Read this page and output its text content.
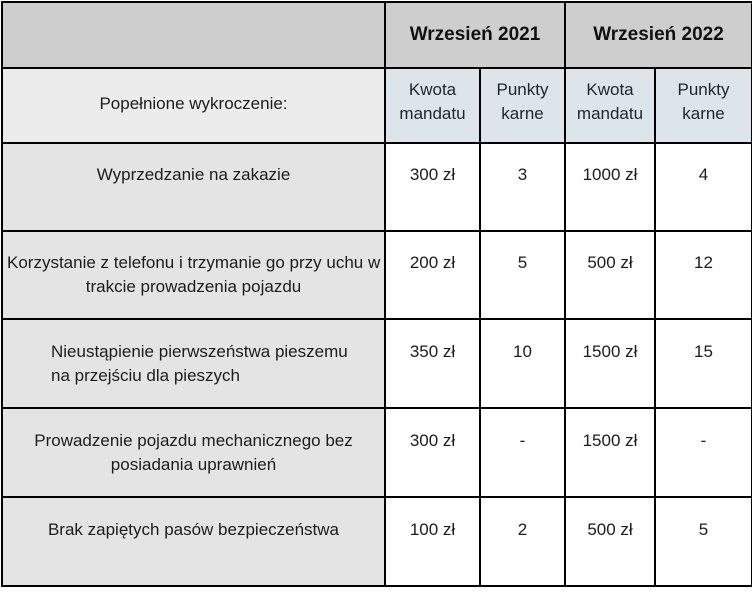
	Wrzesień 2021		Wrzesień 2022	
Popełnione wykroczenie:	Kwota mandatu	Punkty karne	Kwota mandatu	Punkty karne

Wyprzedzanie na zakazie	300 zł	3	1000 zł	4

Korzystanie z telefonu i trzymanie go przy uchu w
trakcie prowadzenia pojazdu	200 zł	5	500 zł	12

Nieustąpienie pierwszeństwa pieszemu
na przejściu dla pieszych	350 zł	10	1500 zł	15

Prowadzenie pojazdu mechanicznego bez
posiadania uprawnień	300 zł	-	1500 zł	-

Brak zapiętych pasów bezpieczeństwa	100 zł	2	500 zł	5
